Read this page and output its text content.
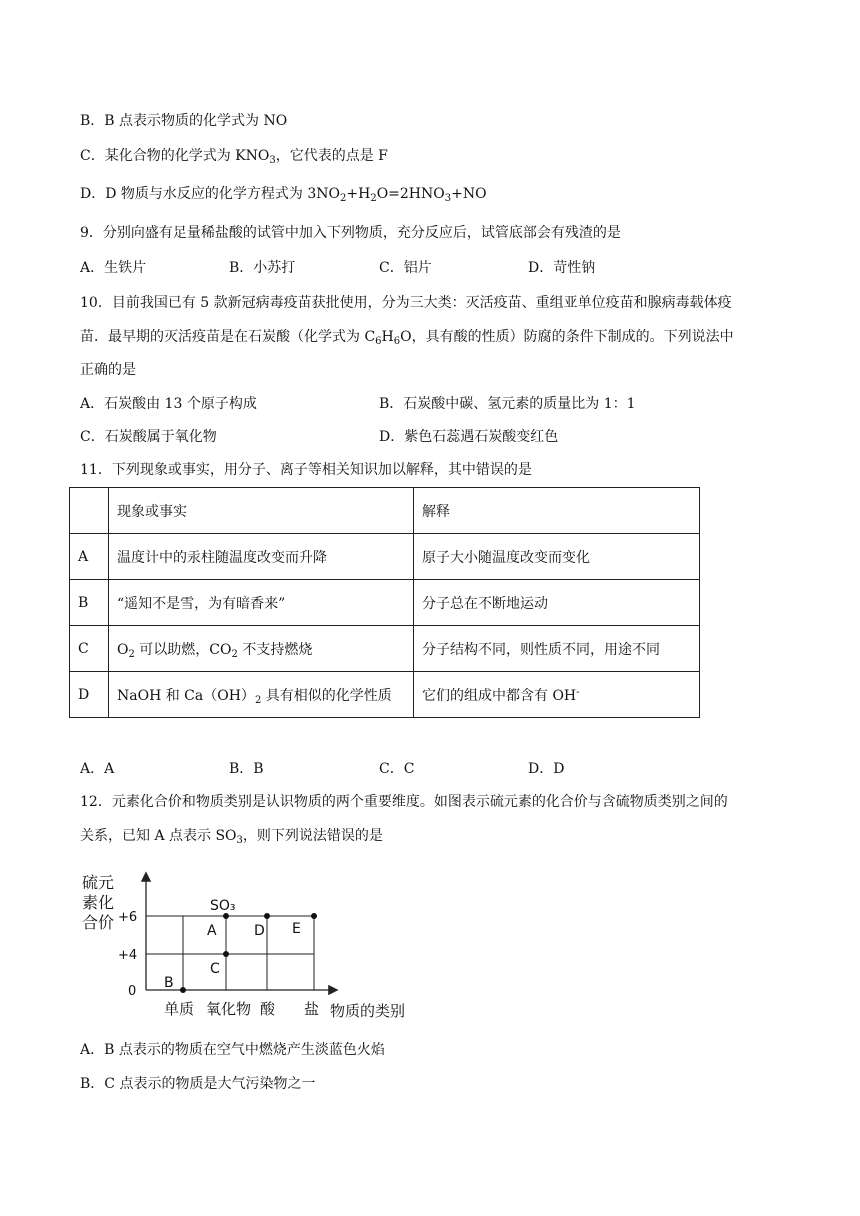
B．B 点表示物质的化学式为 NO
C．某化合物的化学式为 $KNO_3$，它代表的点是 F
D．D 物质与水反应的化学方程式为 $3NO_2+H_2O=2HNO_3+NO$
9．分别向盛有足量稀盐酸的试管中加入下列物质，充分反应后，试管底部会有残渣的是
A．生铁片	B．小苏打	C．铝片	D．苛性钠
10．目前我国已有 5 款新冠病毒疫苗获批使用，分为三大类：灭活疫苗、重组亚单位疫苗和腺病毒载体疫
苗．最早期的灭活疫苗是在石炭酸（化学式为 $C_6H_6O$，具有酸的性质）防腐的条件下制成的。下列说法中
正确的是
A．石炭酸由 13 个原子构成	B．石炭酸中碳、氢元素的质量比为 1：1
C．石炭酸属于氧化物	D．紫色石蕊遇石炭酸变红色
11．下列现象或事实，用分子、离子等相关知识加以解释，其中错误的是
	现象或事实	解释
A	温度计中的汞柱随温度改变而升降	原子大小随温度改变而变化
B	“遥知不是雪，为有暗香来”	分子总在不断地运动
C	$O_2$ 可以助燃，$CO_2$ 不支持燃烧	分子结构不同，则性质不同，用途不同
D	NaOH 和 $Ca(OH)_2$ 具有相似的化学性质	它们的组成中都含有 OH-
A．A	B．B	C．C	D．D
12．元素化合价和物质类别是认识物质的两个重要维度。如图表示硫元素的化合价与含硫物质类别之间的
关系，已知 A 点表示 $SO_3$，则下列说法错误的是
硫元
素化
合价 +6
+4
0
SO₃
A	D E
C
B
单质 氧化物 酸 盐 物质的类别
A．B 点表示的物质在空气中燃烧产生淡蓝色火焰
B．C 点表示的物质是大气污染物之一
